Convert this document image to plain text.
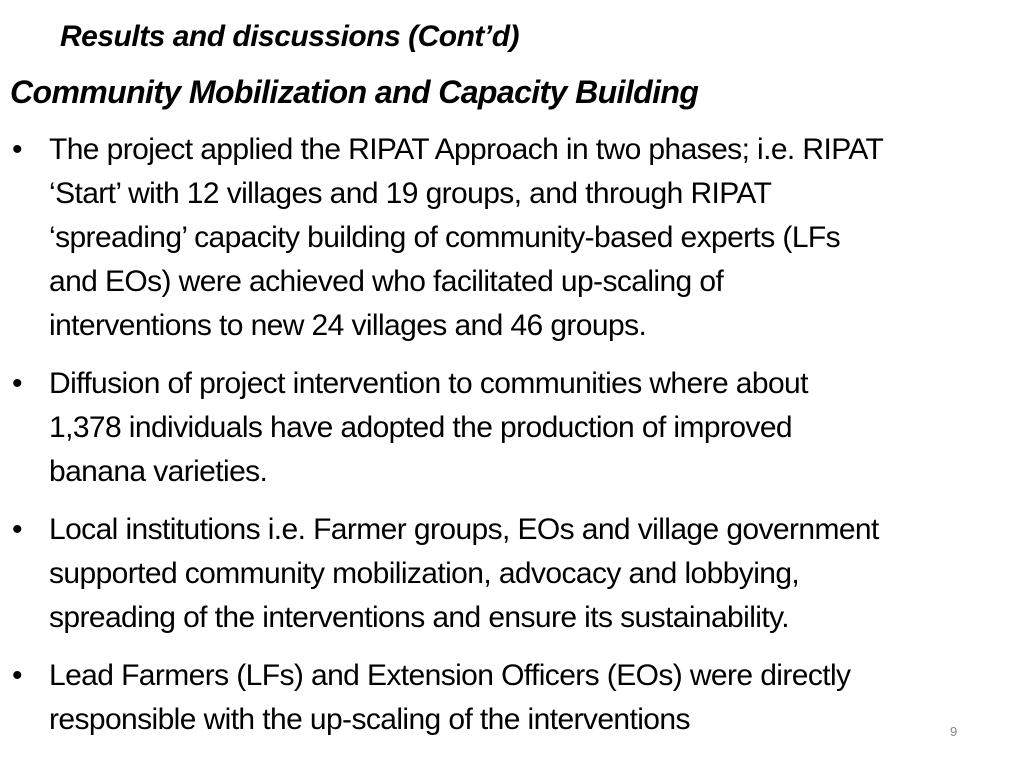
Results and discussions (Cont’d)
Community Mobilization and Capacity Building
• The project applied the RIPAT Approach in two phases; i.e. RIPAT
‘Start’ with 12 villages and 19 groups, and through RIPAT
‘spreading’ capacity building of community-based experts (LFs
and EOs) were achieved who facilitated up-scaling of
interventions to new 24 villages and 46 groups.
• Diffusion of project intervention to communities where about
1,378 individuals have adopted the production of improved
banana varieties.
• Local institutions i.e. Farmer groups, EOs and village government
supported community mobilization, advocacy and lobbying,
spreading of the interventions and ensure its sustainability.
• Lead Farmers (LFs) and Extension Officers (EOs) were directly
responsible with the up-scaling of the interventions	9
